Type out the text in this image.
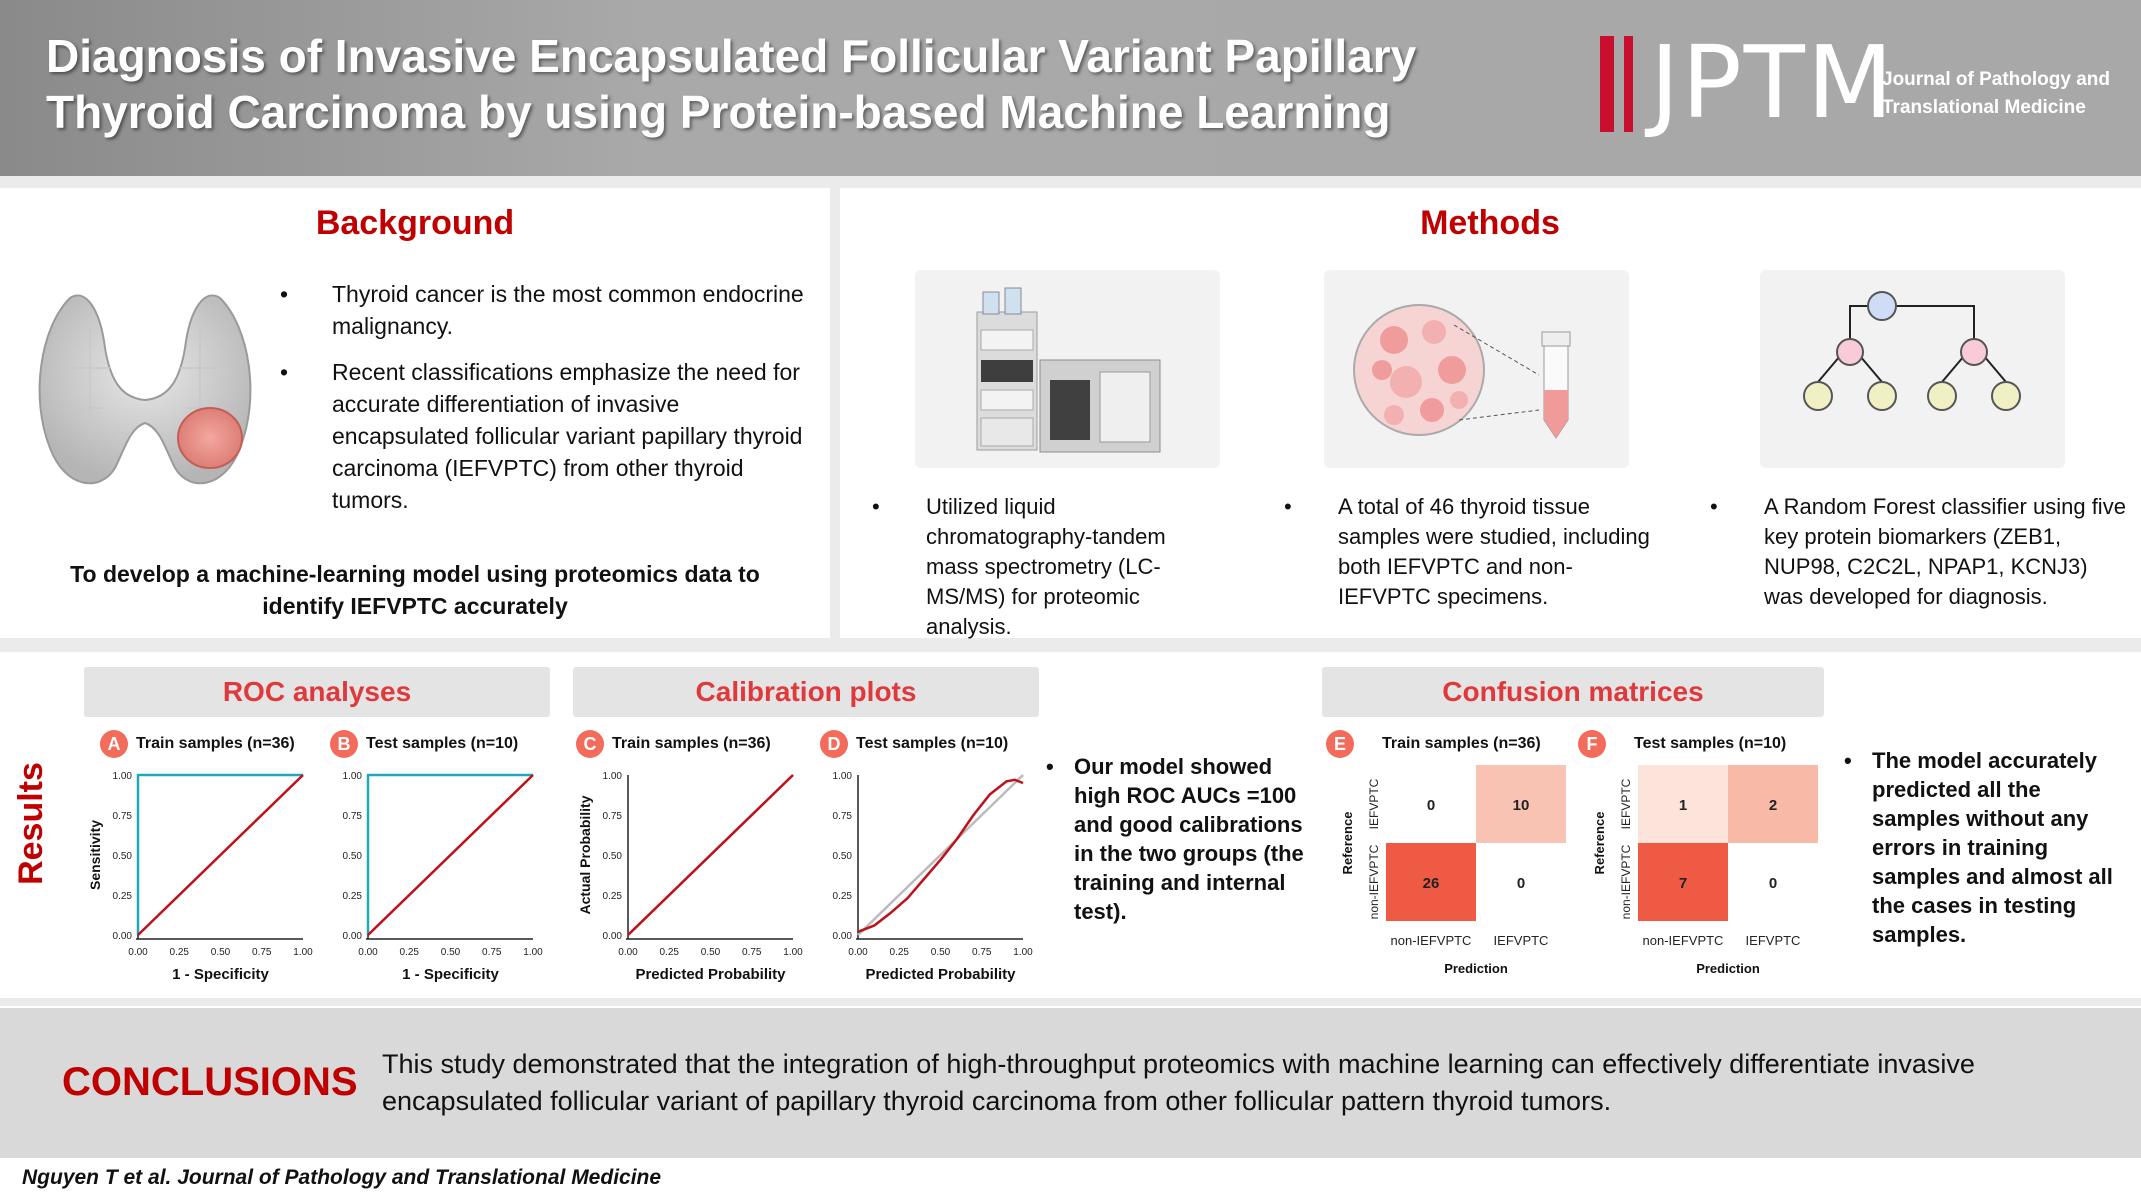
Diagnosis of Invasive Encapsulated Follicular Variant Papillary Thyroid Carcinoma by using Protein-based Machine Learning	JPTM
Journal of Pathology and
Translational Medicine
Background

• Thyroid cancer is the most common endocrine malignancy.

• Recent classifications emphasize the need for accurate differentiation of invasive encapsulated follicular variant papillary thyroid carcinoma (IEFVPTC) from other thyroid tumors.

To develop a machine-learning model using proteomics data to identify IEFVPTC accurately
Methods
• Utilized liquid chromatography-tandem mass spectrometry (LC-MS/MS) for proteomic analysis.
• A total of 46 thyroid tissue samples were studied, including both IEFVPTC and non-IEFVPTC specimens.
• A Random Forest classifier using five key protein biomarkers (ZEB1, NUP98, C2C2L, NPAP1, KCNJ3) was developed for diagnosis.
Results
ROC analyses	Calibration plots	Confusion matrices
A Train samples (n=36)	B Test samples (n=10)	C Train samples (n=36)	D Test samples (n=10)	E Train samples (n=36)	F Test samples (n=10)
0.00
0.00
0.25
0.25
0.50
0.50
0.75
0.75
1.00
1.00
1 - Specificity
Sensitivity
0.00
0.00
0.25
0.25
0.50
0.50
0.75
0.75
1.00
1.00
1 - Specificity
0.00
0.00
0.25
0.25
0.50
0.50
0.75
0.75
1.00
1.00
Predicted Probability
Actual Probability
0.00
0.00
0.25
0.25
0.50
0.50
0.75
0.75
1.00
1.00
Predicted Probability
• Our model showed high ROC AUCs =100 and good calibrations in the two groups (the training and internal test).
0	10
26	0
non-IEFVPTC IEFVPTC
IEFVPTC
non-IEFVPTC
Prediction
Reference
1	2
7	0
non-IEFVPTC IEFVPTC
IEFVPTC
non-IEFVPTC
Prediction
Reference
• The model accurately predicted all the samples without any errors in training samples and almost all the cases in testing samples.
CONCLUSIONS This study demonstrated that the integration of high-throughput proteomics with machine learning can effectively differentiate invasive encapsulated follicular variant of papillary thyroid carcinoma from other follicular pattern thyroid tumors.
Nguyen T et al. Journal of Pathology and Translational Medicine
